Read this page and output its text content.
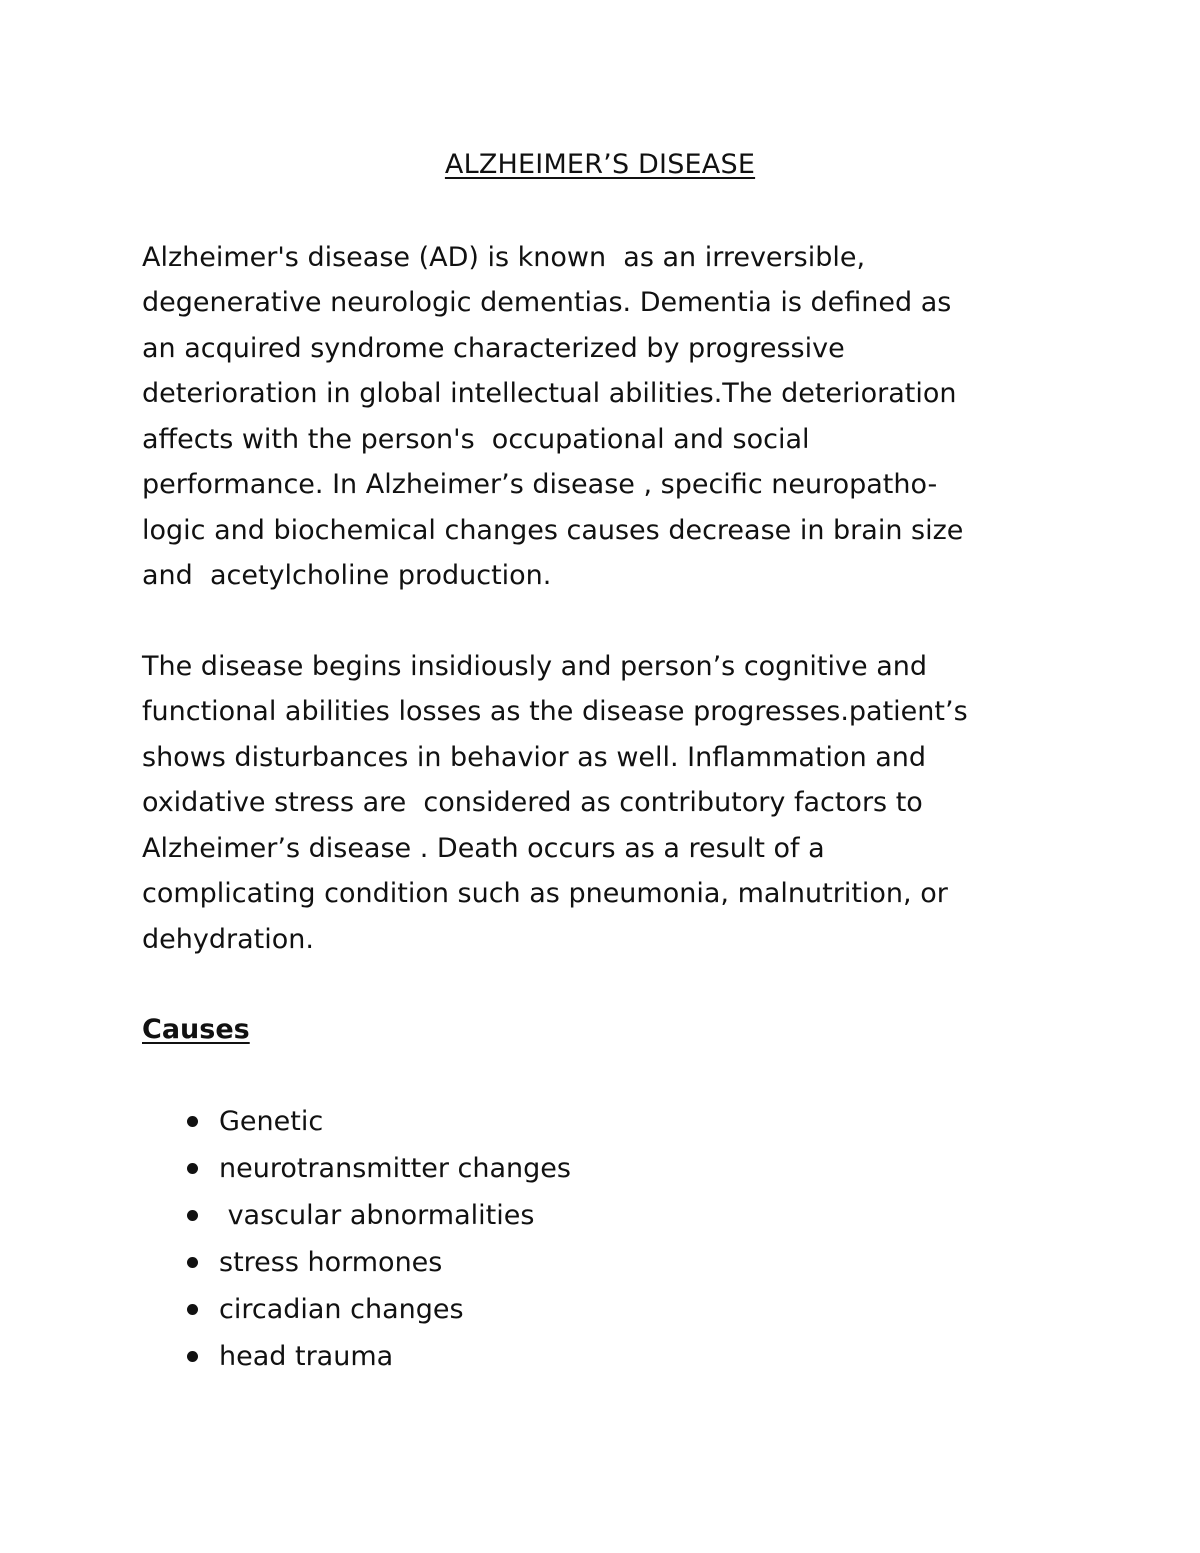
ALZHEIMER’S DISEASE

Alzheimer's disease (AD) is known  as an irreversible,

degenerative neurologic dementias. Dementia is defined as

an acquired syndrome characterized by progressive

deterioration in global intellectual abilities.The deterioration

affects with the person's  occupational and social

performance. In Alzheimer’s disease , specific neuropatho-

logic and biochemical changes causes decrease in brain size

and  acetylcholine production.

The disease begins insidiously and person’s cognitive and

functional abilities losses as the disease progresses.patient’s

shows disturbances in behavior as well. Inflammation and

oxidative stress are  considered as contributory factors to

Alzheimer’s disease . Death occurs as a result of a

complicating condition such as pneumonia, malnutrition, or

dehydration.

Causes

Genetic

neurotransmitter changes

vascular abnormalities

stress hormones

circadian changes

head trauma
